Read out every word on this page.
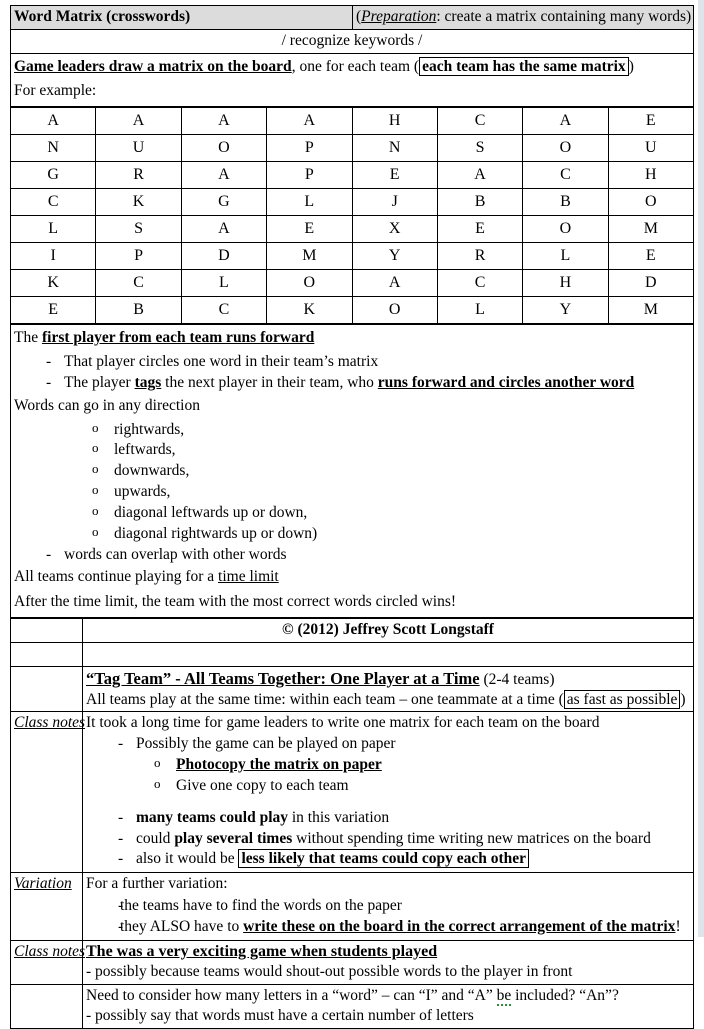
Word Matrix (crosswords)	(Preparation: create a matrix containing many words)
/ recognize keywords /

Game leaders draw a matrix on the board, one for each team ( each team has the same matrix )
For example:
A	A	A	A	H	C	A	E
N	U	O	P	N	S	O	U
G	R	A	P	E	A	C	H
C	K	G	L	J	B	B	O
L	S	A	E	X	E	O	M
I	P	D	M	Y	R	L	E
K	C	L	O	A	C	H	D
E	B	C	K	O	L	Y	M
The first player from each team runs forward
- That player circles one word in their team’s matrix
- The player tags the next player in their team, who runs forward and circles another word
Words can go in any direction
o rightwards,
o leftwards,
o downwards,
o upwards,
o diagonal leftwards up or down,
o diagonal rightwards up or down)
- words can overlap with other words
All teams continue playing for a time limit
After the time limit, the team with the most correct words circled wins!
	© (2012) Jeffrey Scott Longstaff

	“Tag Team” - All Teams Together: One Player at a Time (2-4 teams)
All teams play at the same time: within each team – one teammate at a time ( as fast as possible )

Class notes	It took a long time for game leaders to write one matrix for each team on the board
- Possibly the game can be played on paper
o Photocopy the matrix on paper
o Give one copy to each team
- many teams could play in this variation
- could play several times without spending time writing new matrices on the board
- also it would be less likely that teams could copy each other

Variation	For a further variation:
- the teams have to find the words on the paper
- they ALSO have to write these on the board in the correct arrangement of the matrix!

Class notes	The was a very exciting game when students played
- possibly because teams would shout-out possible words to the player in front

	Need to consider how many letters in a “word” – can “I” and “A” be included? “An”?
- possibly say that words must have a certain number of letters
